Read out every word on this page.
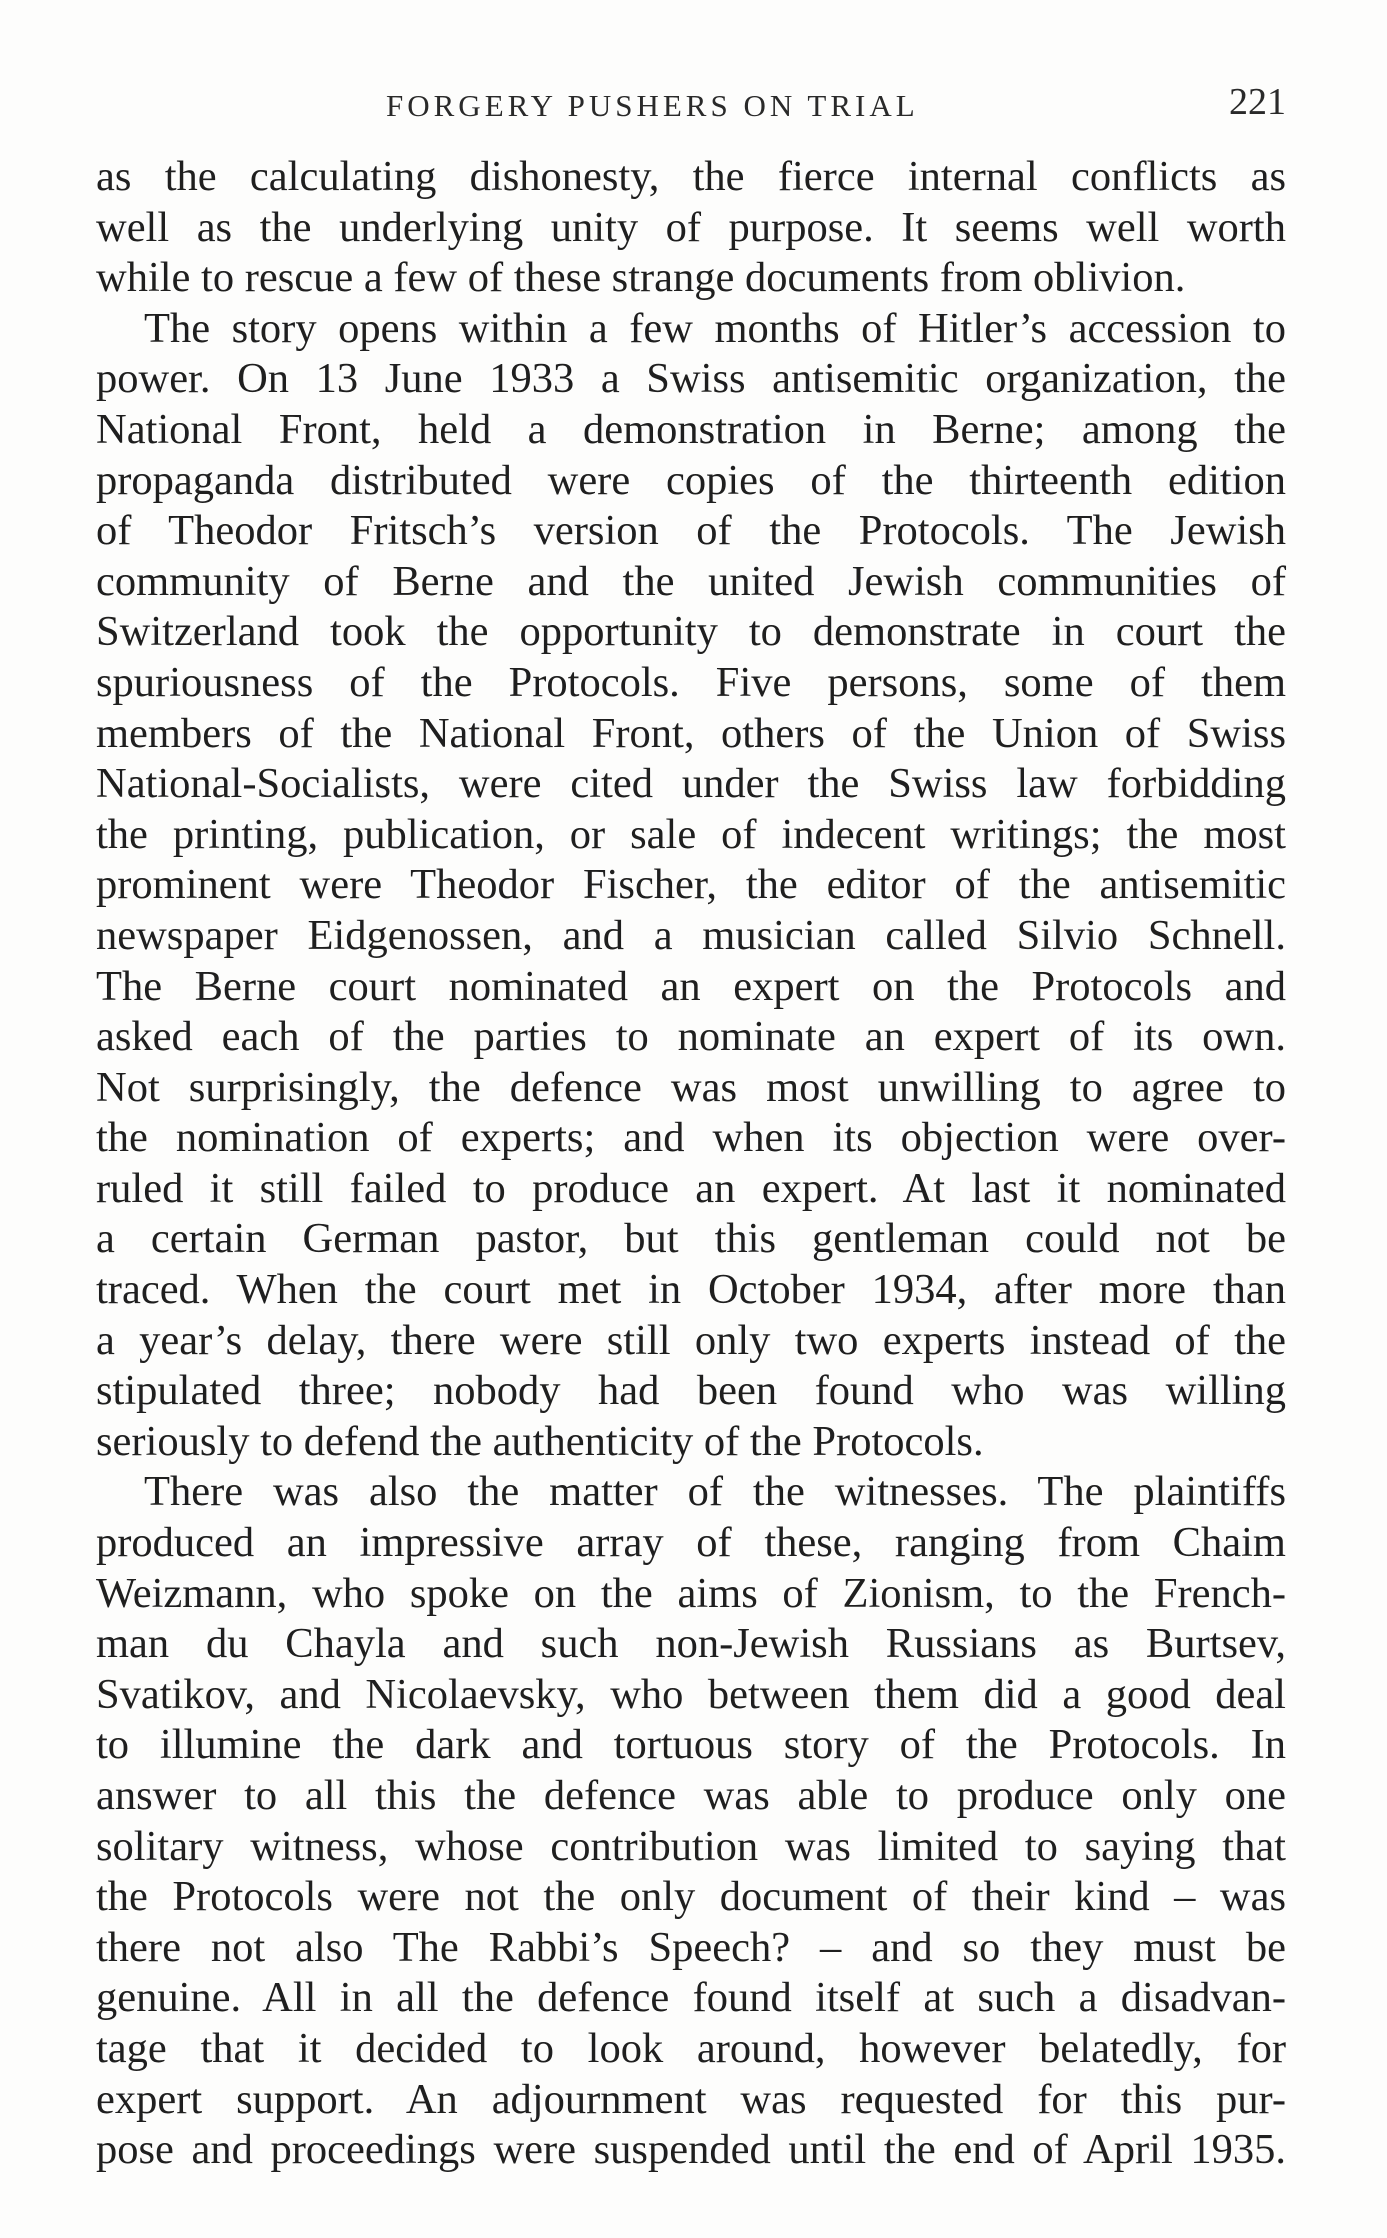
FORGERY PUSHERS ON TRIAL	221
as the calculating dishonesty, the fierce internal conflicts as
well as the underlying unity of purpose. It seems well worth
while to rescue a few of these strange documents from oblivion.
The story opens within a few months of Hitler’s accession to
power. On 13 June 1933 a Swiss antisemitic organization, the
National Front, held a demonstration in Berne; among the
propaganda distributed were copies of the thirteenth edition
of Theodor Fritsch’s version of the Protocols. The Jewish
community of Berne and the united Jewish communities of
Switzerland took the opportunity to demonstrate in court the
spuriousness of the Protocols. Five persons, some of them
members of the National Front, others of the Union of Swiss
National-Socialists, were cited under the Swiss law forbidding
the printing, publication, or sale of indecent writings; the most
prominent were Theodor Fischer, the editor of the antisemitic
newspaper Eidgenossen, and a musician called Silvio Schnell.
The Berne court nominated an expert on the Protocols and
asked each of the parties to nominate an expert of its own.
Not surprisingly, the defence was most unwilling to agree to
the nomination of experts; and when its objection were over-
ruled it still failed to produce an expert. At last it nominated
a certain German pastor, but this gentleman could not be
traced. When the court met in October 1934, after more than
a year’s delay, there were still only two experts instead of the
stipulated three; nobody had been found who was willing
seriously to defend the authenticity of the Protocols.
There was also the matter of the witnesses. The plaintiffs
produced an impressive array of these, ranging from Chaim
Weizmann, who spoke on the aims of Zionism, to the French-
man du Chayla and such non-Jewish Russians as Burtsev,
Svatikov, and Nicolaevsky, who between them did a good deal
to illumine the dark and tortuous story of the Protocols. In
answer to all this the defence was able to produce only one
solitary witness, whose contribution was limited to saying that
the Protocols were not the only document of their kind – was
there not also The Rabbi’s Speech? – and so they must be
genuine. All in all the defence found itself at such a disadvan-
tage that it decided to look around, however belatedly, for
expert support. An adjournment was requested for this pur-
pose and proceedings were suspended until the end of April 1935.
